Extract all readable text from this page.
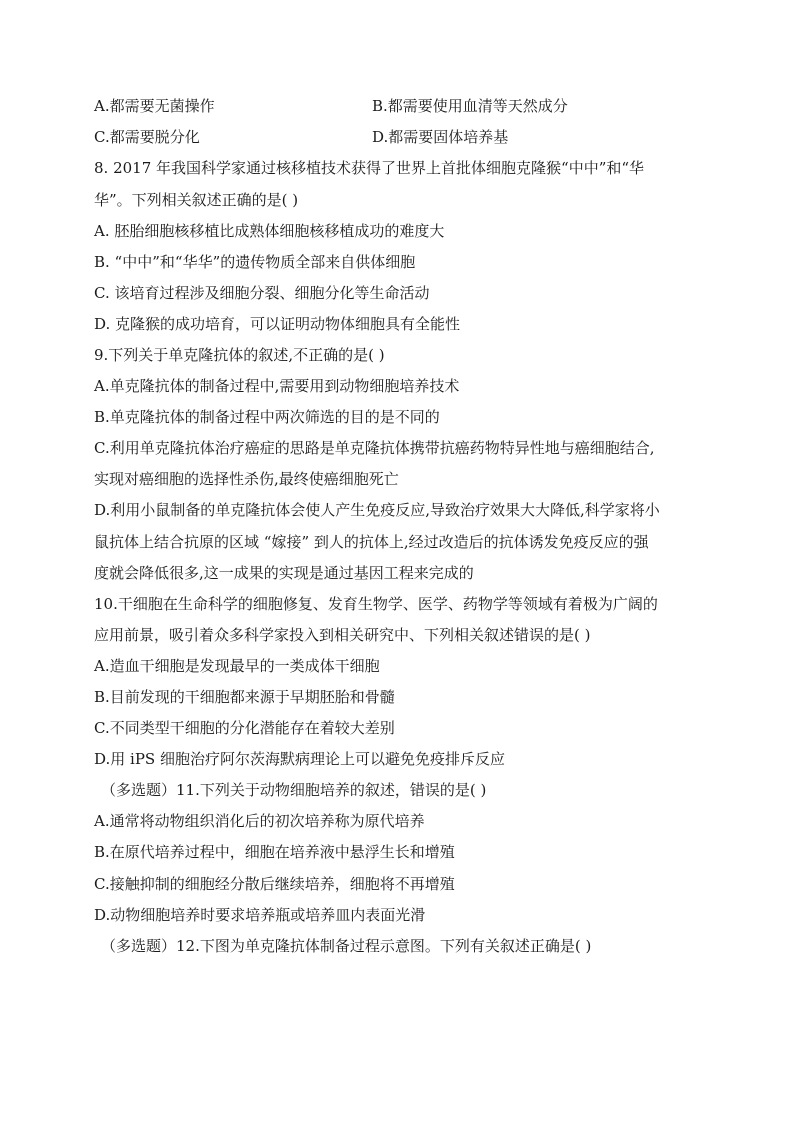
A.都需要无菌操作	B.都需要使用血清等天然成分
C.都需要脱分化	D.都需要固体培养基
8. 2017 年我国科学家通过核移植技术获得了世界上首批体细胞克隆猴“中中”和“华
华”。下列相关叙述正确的是( )
A. 胚胎细胞核移植比成熟体细胞核移植成功的难度大
B. “中中”和“华华”的遗传物质全部来自供体细胞
C. 该培育过程涉及细胞分裂、细胞分化等生命活动
D. 克隆猴的成功培育，可以证明动物体细胞具有全能性
9.下列关于单克隆抗体的叙述,不正确的是( )
A.单克隆抗体的制备过程中,需要用到动物细胞培养技术
B.单克隆抗体的制备过程中两次筛选的目的是不同的
C.利用单克隆抗体治疗癌症的思路是单克隆抗体携带抗癌药物特异性地与癌细胞结合,
实现对癌细胞的选择性杀伤,最终使癌细胞死亡
D.利用小鼠制备的单克隆抗体会使人产生免疫反应,导致治疗效果大大降低,科学家将小
鼠抗体上结合抗原的区域 “嫁接” 到人的抗体上,经过改造后的抗体诱发免疫反应的强
度就会降低很多,这一成果的实现是通过基因工程来完成的
10.干细胞在生命科学的细胞修复、发育生物学、医学、药物学等领域有着极为广阔的
应用前景，吸引着众多科学家投入到相关研究中、下列相关叙述错误的是( )
A.造血干细胞是发现最早的一类成体干细胞
B.目前发现的干细胞都来源于早期胚胎和骨髓
C.不同类型干细胞的分化潜能存在着较大差别
D.用 iPS 细胞治疗阿尔茨海默病理论上可以避免免疫排斥反应
（多选题）11.下列关于动物细胞培养的叙述，错误的是( )
A.通常将动物组织消化后的初次培养称为原代培养
B.在原代培养过程中，细胞在培养液中悬浮生长和增殖
C.接触抑制的细胞经分散后继续培养，细胞将不再增殖
D.动物细胞培养时要求培养瓶或培养皿内表面光滑
（多选题）12.下图为单克隆抗体制备过程示意图。下列有关叙述正确是( )
